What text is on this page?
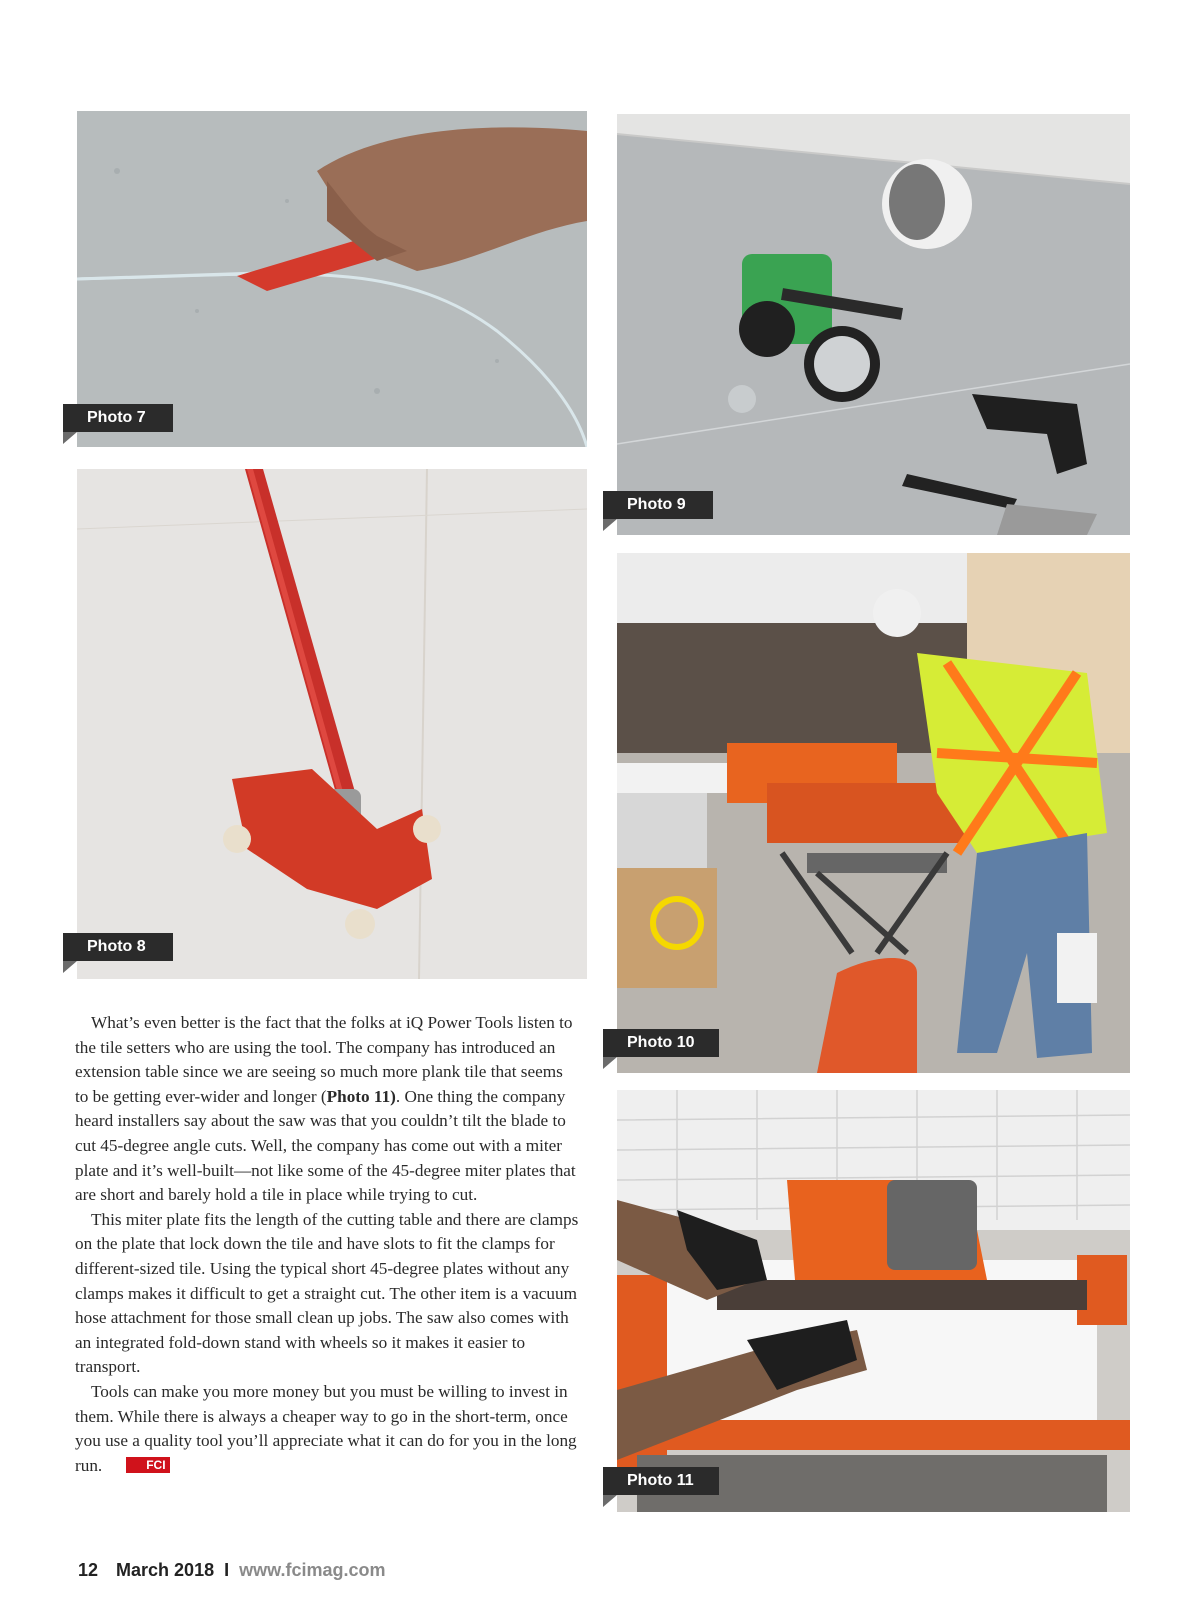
Photo 7
Photo 8
Photo 9
Photo 10
Photo 11

What’s even better is the fact that the folks at iQ Power Tools listen to the tile setters who are using the tool. The company has introduced an extension table since we are seeing so much more plank tile that seems to be getting ever-wider and longer (Photo 11). One thing the company heard installers say about the saw was that you couldn’t tilt the blade to cut 45-degree angle cuts. Well, the company has come out with a miter plate and it’s well-built—not like some of the 45-degree miter plates that are short and barely hold a tile in place while trying to cut.

This miter plate fits the length of the cutting table and there are clamps on the plate that lock down the tile and have slots to fit the clamps for different-sized tile. Using the typical short 45-degree plates without any clamps makes it difficult to get a straight cut. The other item is a vacuum hose attachment for those small clean up jobs. The saw also comes with an integrated fold-down stand with wheels so it makes it easier to transport.

Tools can make you more money but you must be willing to invest in them. While there is always a cheaper way to go in the short-term, once you use a quality tool you’ll appreciate what it can do for you in the long run.	FCI

12 March 2018 I www.fcimag.com
